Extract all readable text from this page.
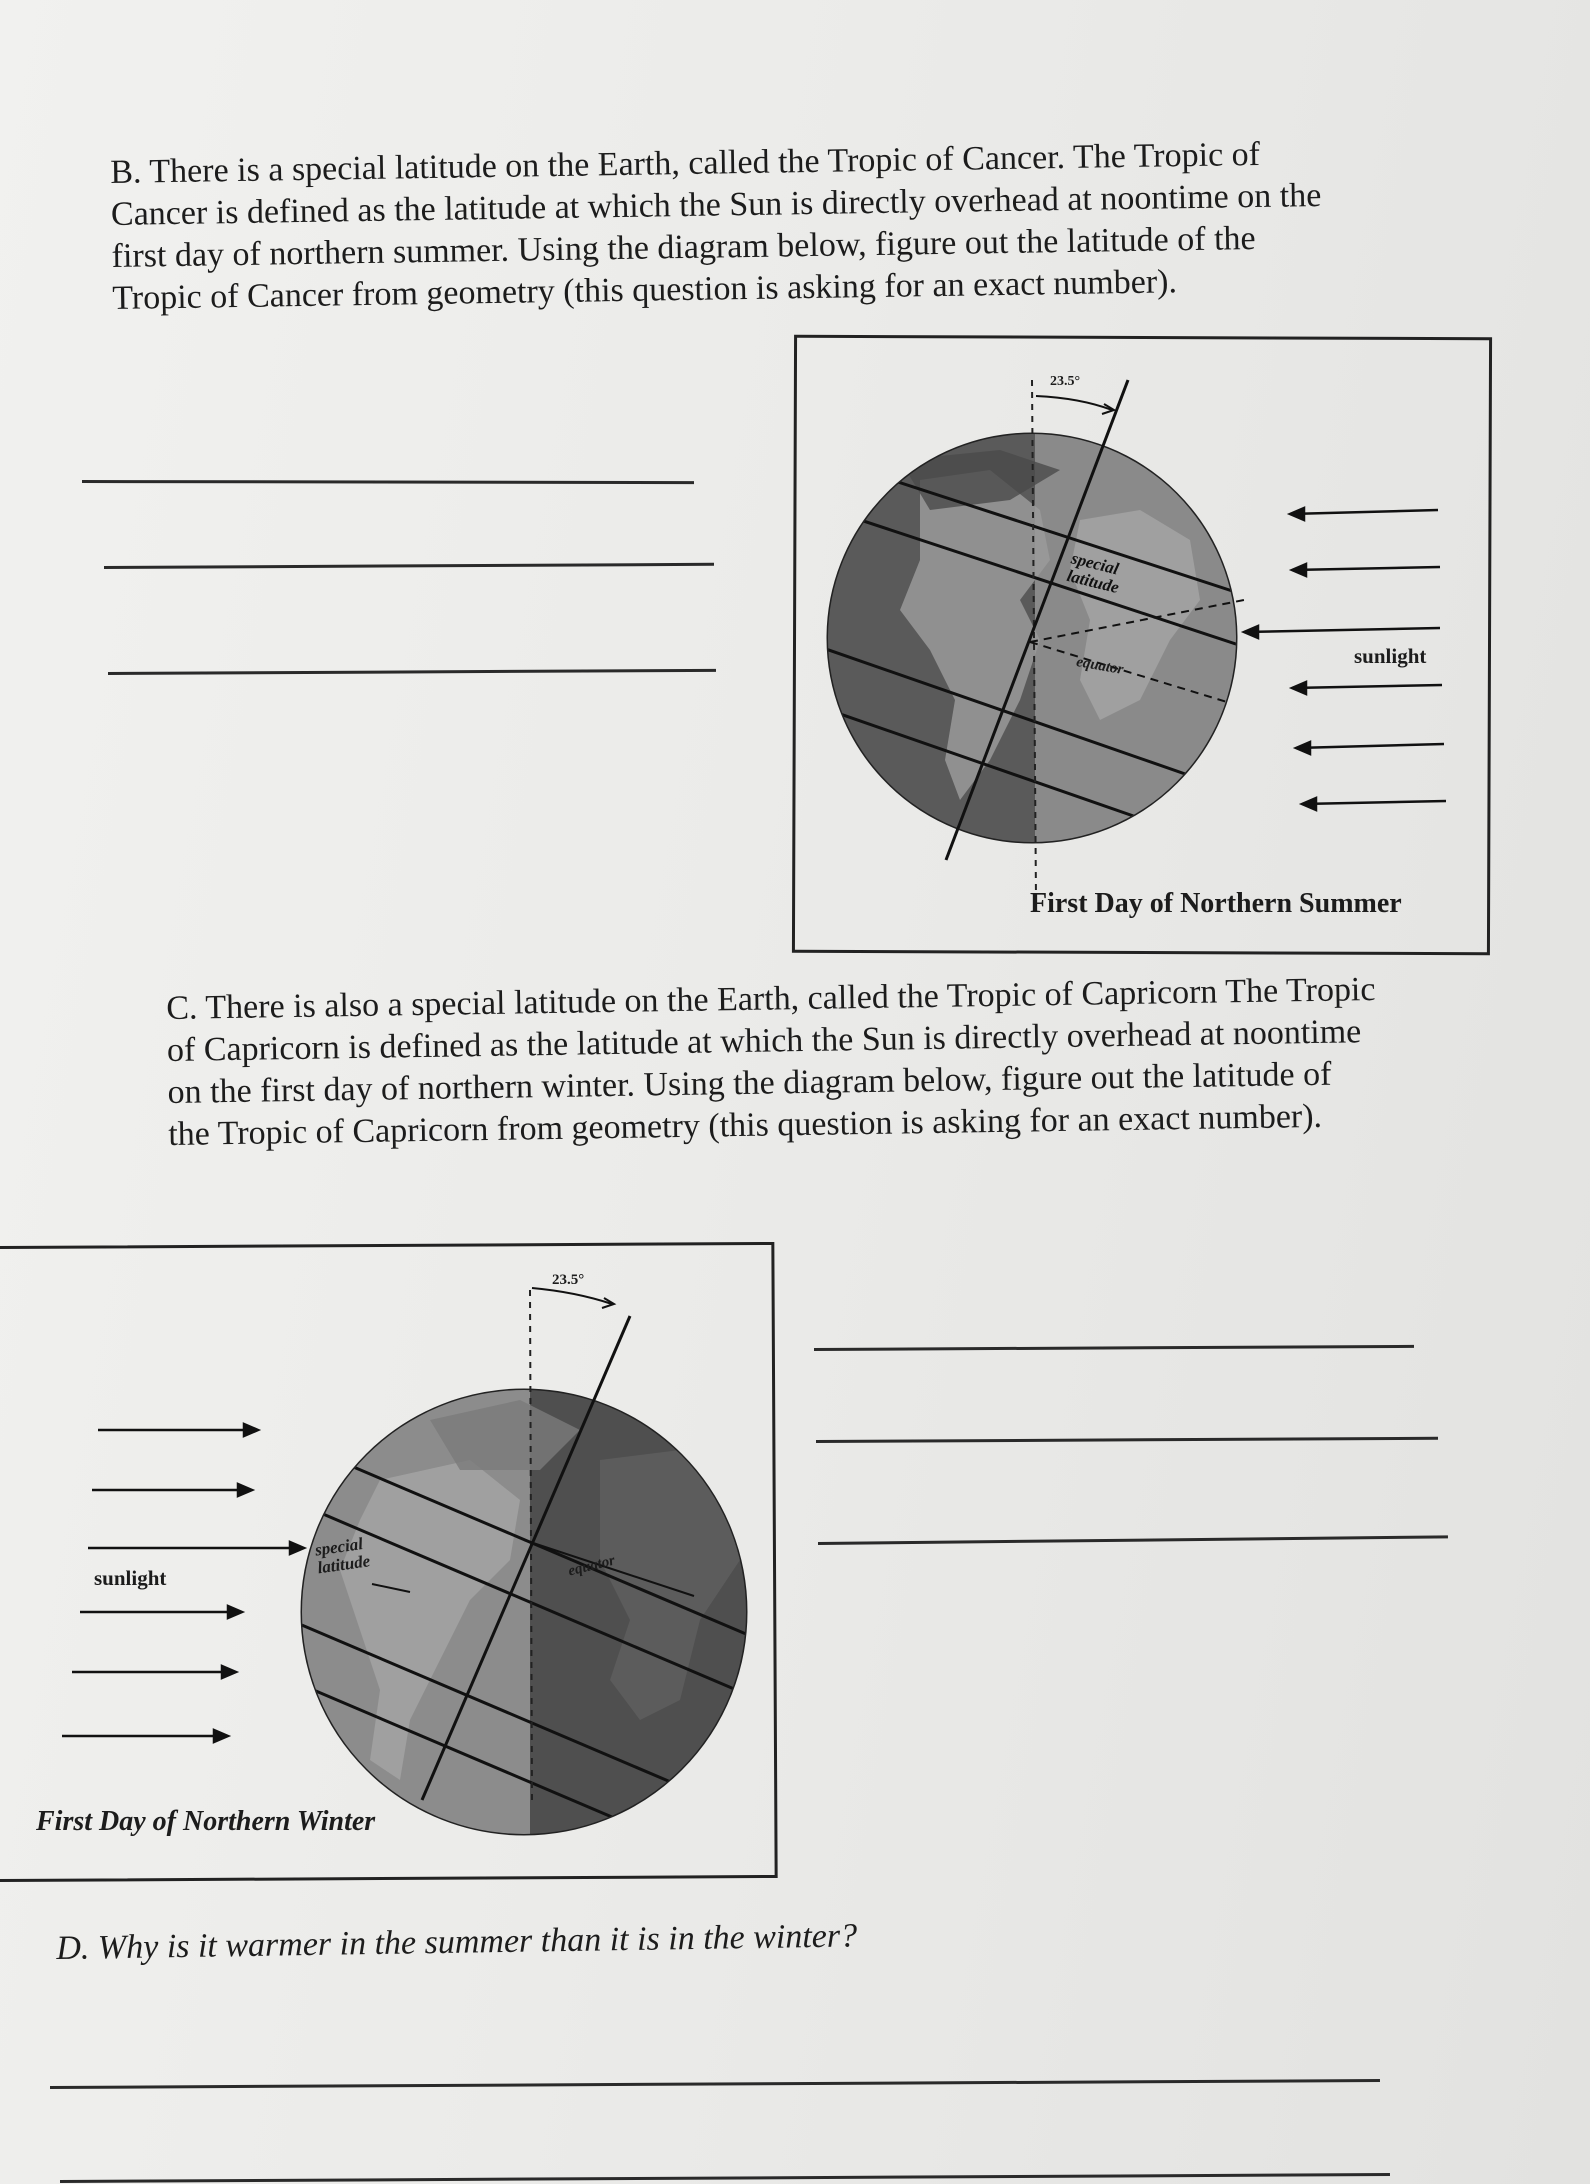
B. There is a special latitude on the Earth, called the Tropic of Cancer. The Tropic of Cancer is defined as the latitude at which the Sun is directly overhead at noontime on the first day of northern summer. Using the diagram below, figure out the latitude of the Tropic of Cancer from geometry (this question is asking for an exact number).

23.5°
special latitude
equator	sunlight
First Day of Northern Summer

C. There is also a special latitude on the Earth, called the Tropic of Capricorn The Tropic of Capricorn is defined as the latitude at which the Sun is directly overhead at noontime on the first day of northern winter. Using the diagram below, figure out the latitude of the Tropic of Capricorn from geometry (this question is asking for an exact number).

23.5°
special latitude	equator
sunlight
First Day of Northern Winter

D. Why is it warmer in the summer than it is in the winter?
